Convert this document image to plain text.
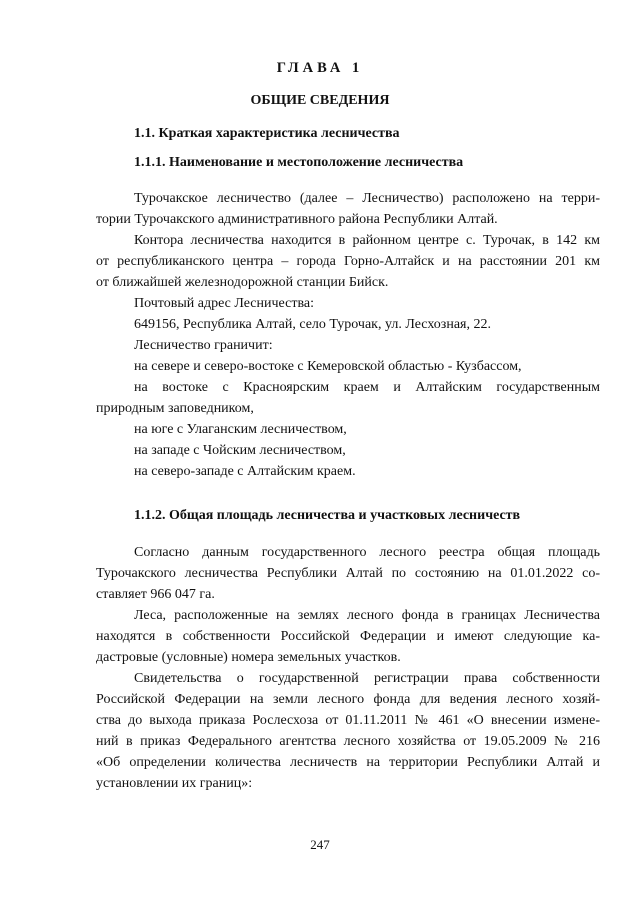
ГЛАВА 1
ОБЩИЕ СВЕДЕНИЯ
1.1. Краткая характеристика лесничества
1.1.1. Наименование и местоположение лесничества
Турочакское лесничество (далее – Лесничество) расположено на терри-
тории Турочакского административного района Республики Алтай.
Контора лесничества находится в районном центре с. Турочак, в 142 км
от республиканского центра – города Горно-Алтайск и на расстоянии 201 км
от ближайшей железнодорожной станции Бийск.
Почтовый адрес Лесничества:
649156, Республика Алтай, село Турочак, ул. Лесхозная, 22.
Лесничество граничит:
на севере и северо-востоке с Кемеровской областью - Кузбассом,
на востоке с Красноярским краем и Алтайским государственным
природным заповедником,
на юге с Улаганским лесничеством,
на западе с Чойским лесничеством,
на северо-западе с Алтайским краем.
1.1.2. Общая площадь лесничества и участковых лесничеств
Согласно данным государственного лесного реестра общая площадь
Турочакского лесничества Республики Алтай по состоянию на 01.01.2022 со-
ставляет 966 047 га.
Леса, расположенные на землях лесного фонда в границах Лесничества
находятся в собственности Российской Федерации и имеют следующие ка-
дастровые (условные) номера земельных участков.
Свидетельства о государственной регистрации права собственности
Российской Федерации на земли лесного фонда для ведения лесного хозяй-
ства до выхода приказа Рослесхоза от 01.11.2011 № 461 «О внесении измене-
ний в приказ Федерального агентства лесного хозяйства от 19.05.2009 № 216
«Об определении количества лесничеств на территории Республики Алтай и
установлении их границ»:
247
